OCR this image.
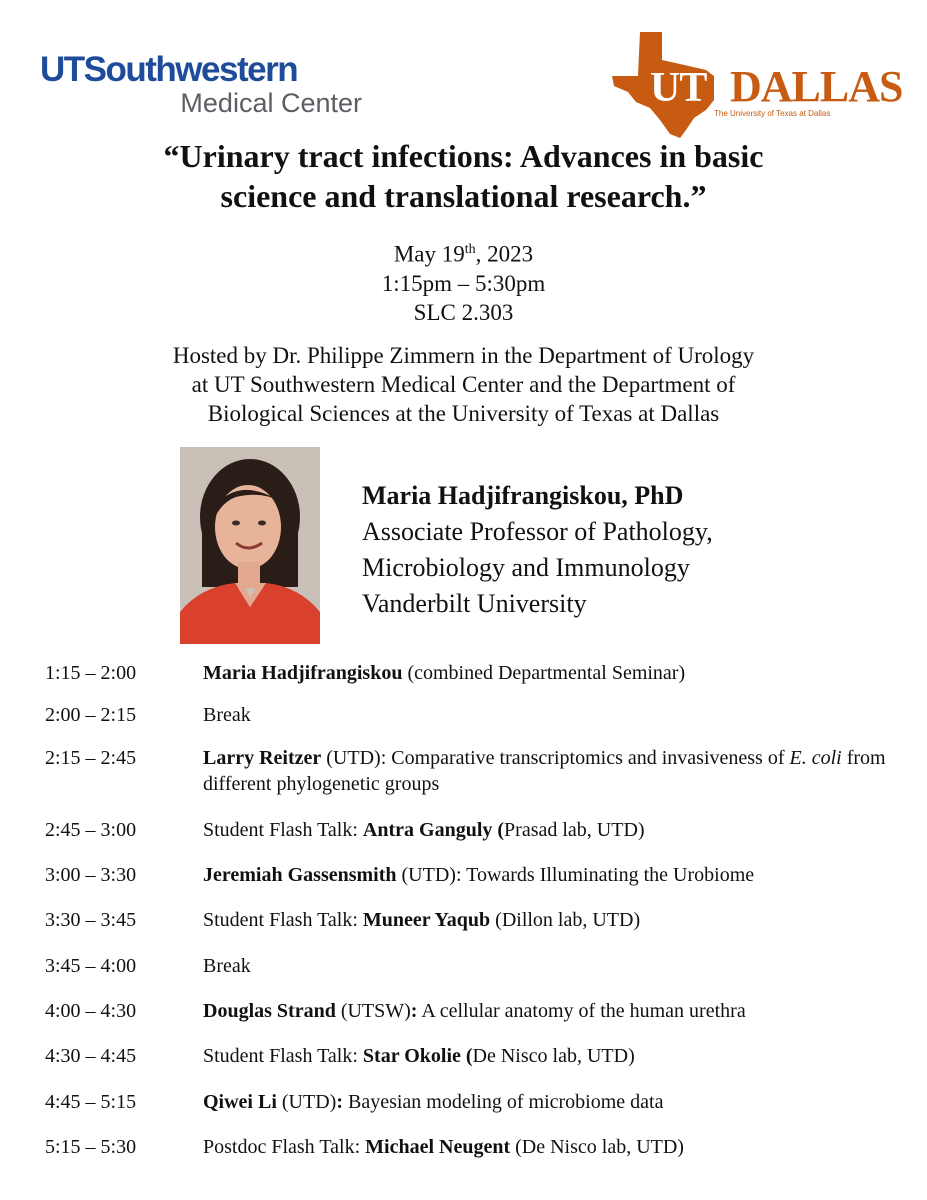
UTSouthwestern
Medical Center	UT DALLAS
The University of Texas at Dallas
“Urinary tract infections: Advances in basic
science and translational research.”
May 19th, 2023
1:15pm – 5:30pm
SLC 2.303
Hosted by Dr. Philippe Zimmern in the Department of Urology
at UT Southwestern Medical Center and the Department of
Biological Sciences at the University of Texas at Dallas
Maria Hadjifrangiskou, PhD
Associate Professor of Pathology,
Microbiology and Immunology
Vanderbilt University
1:15 – 2:00	Maria Hadjifrangiskou (combined Departmental Seminar)
2:00 – 2:15	Break
2:15 – 2:45	Larry Reitzer (UTD): Comparative transcriptomics and invasiveness of E. coli from different phylogenetic groups
2:45 – 3:00	Student Flash Talk: Antra Ganguly (Prasad lab, UTD)
3:00 – 3:30	Jeremiah Gassensmith (UTD): Towards Illuminating the Urobiome
3:30 – 3:45	Student Flash Talk: Muneer Yaqub (Dillon lab, UTD)
3:45 – 4:00	Break
4:00 – 4:30	Douglas Strand (UTSW): A cellular anatomy of the human urethra
4:30 – 4:45	Student Flash Talk: Star Okolie (De Nisco lab, UTD)
4:45 – 5:15	Qiwei Li (UTD): Bayesian modeling of microbiome data
5:15 – 5:30	Postdoc Flash Talk: Michael Neugent (De Nisco lab, UTD)
